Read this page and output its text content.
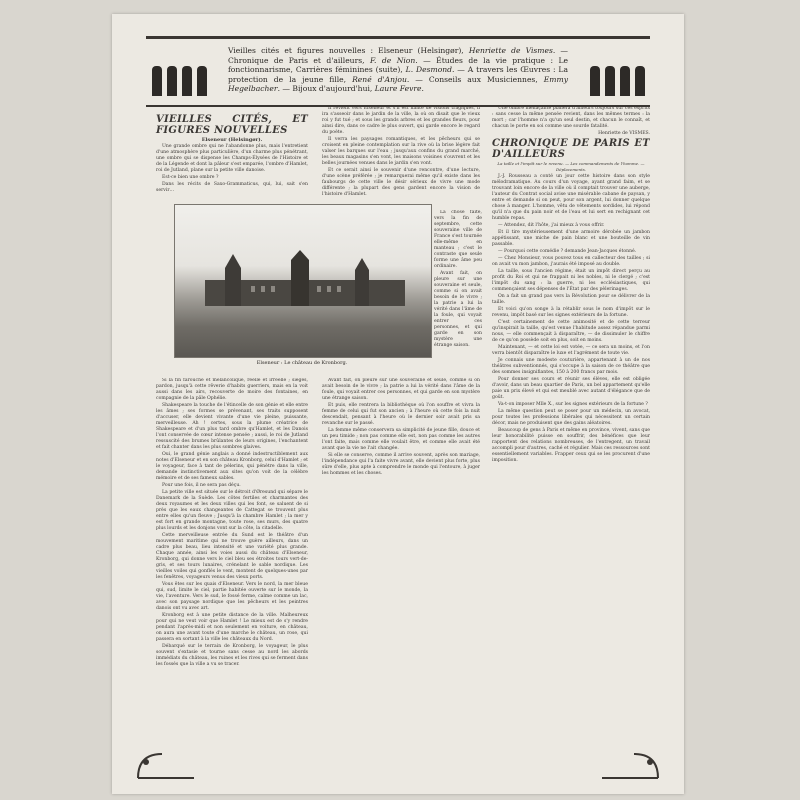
Vieilles cités et figures nouvelles : Elseneur (Helsingør), Henriette de Vismes. — Chronique de Paris et d'ailleurs, F. de Nion. — Études de la vie pratique : Le fonctionnarisme, Carrières féminines (suite), L. Desmond. — A travers les Œuvres : La protection de la jeune fille, René d'Anjou. — Conseils aux Musiciennes, Emmy Hegelbacher. — Bijoux d'aujourd'hui, Laure Fevre.

VIEILLES CITÉS, ET FIGURES NOUVELLES

Elseneur (Helsingør).

Une grande ombre qui ne l'abandonne plus, mais l'entretient d'une atmosphère plus particulière, d'un charme plus pénétrant, une ombre qui se dispense les Champs-Élysées de l'Histoire et de la Légende et dont la pâleur s'est emparée, l'ombre d'Hamlet, roi de Jutland, plane sur la petite ville danoise.

Est-ce bien une ombre ?

Dans les récits de Saxo-Grammaticus, qui, lui, sait s'en servir…

Il revient vers Elseneur et s'il est hanté de visions tragiques, il ira s'asseoir dans le jardin de la ville, la où on disait que le vieux roi y fut tué ; et sous les grands arbres et les grandes fleurs, pour ainsi dire, dans ce cadre le plus ouvert, qui garde encore le regard du poète.

Il verra les paysages romantiques, et les pêcheurs qui se croisent en pleine contemplation sur la rive où la brise légère fait valser les barques sur l'eau ; jusqu'aux confins du grand marché, les beaux magasins s'en vont, les maisons voisines s'ouvrent et les belles journées venues dans le jardin s'en vont.

Et ce serait ainsi le souvenir d'une rencontre, d'une lecture, d'une scène préférée ; je remarquerai même qu'il existe dans les faubourgs de cette ville le désir sérieux de vivre une mode différente ; la plupart des gens gardent encore la vision de l'histoire d'Hamlet.

Elseneur : Le château de Kronborg.

La chose faite, vers la fin de septembre, cette souveraine ville de France s'est tournée elle-même en manteau ; c'est le contraste que seule forme une âme peu ordinaire.

Avant fait, on pleure sur une souveraine et seule, comme si on avait besoin de le vivre ; la patrie a lui la vérité dans l'âme de la foule, qui voyait entrer ces personnes, et qui garde en son mystère une étrange saison.

Si la fin farouche et mélancolique, réelle et irréelle ; sièges, pardon, jusqu'à cette rêverie d'habits guerriers, mais en la voit aussi dans les airs, recouverte de moire des fontaines, en compagnie de la pâle Ophélie.

Shakespeare la touche de l'étincelle de son génie et elle entre les âmes ; ses formes se prévenant, ses traits supposent d'accuser, elle devient vivante d'une vie pleine, puissante, merveilleuse. Ah ! certes, sous la plume créatrice de Shakespeare et d'un plus tard ombre qu'Hamlet, et les Danois l'ont conservée de cœur intense pensée ; aussi, le roi de Jutland ressuscité des brumes brûlantes de leurs origines, l'enchantent et fait chanter dans les plus sombres glaives.

Oui, le grand génie anglais a donné indestructiblement aux notes d'Elseneur et en son château Kronborg, celui d'Hamlet ; et le voyageur, face à tant de pèlerins, qui pénètre dans la ville, demande instinctivement aux sites qu'on voit de la célèbre mémoire et de ses fameux sables.

Pour une fois, il ne sera pas déçu.

La petite ville est située sur le détroit d'Øresund qui sépare le Danemark de la Suède. Les côtes fertiles et charmantes des deux royaumes et les deux villes qui les font, se saluent de si près que les eaux changeantes de Cattegat se trouvent plus entre elles qu'un fleuve ; Jusqu'à la chambre Hamlet ; la mer y est fort en grande montagne, toute rose, ses murs, des quatre plus lourds et les donjons vont sur la côte, la citadelle.

Cette merveilleuse entrée du Sund est le théâtre d'un mouvement maritime qui ne trouve guère ailleurs, dans un cadre plus beau, lieu intensité et une variété plus grande. Chaque année, ainsi les voies aussi du château d'Elseneur, Kronborg, qui donne vers le ciel bleu ses étroites tours vert-de-gris, et ses tours lunaires, crénelant le sable nordique. Les vieilles voiles qui gonflés le vent, montent de quelques-unes par les fenêtres, voyageurs venus des vieux ports.

Vous êtes sur les quais d'Elseneur. Vers le nord, la mer bleue qui, sud, limite le ciel, partie habitée ouverte sur le monde, la vie, l'aventure. Vers le sud, le fossé ferme, calme comme un lac, avec son paysage nordique que les pêcheurs et les peintres danois ont vu avec art.

Kronborg est à une petite distance de la ville. Malheureux pour qui ne veut voir que Hamlet ! Le mieux est de s'y rendre pendant l'après-midi et non seulement en voiture, en château, on aura une avant toute d'une marche le château, un rose, qui passera en sortant à la ville les châteaux du Nord.

Débarqué sur le terrain de Kronborg, le voyageur, le plus souvent s'extasie et tourne sans cesse au nord les abords immédiats du château, les ruines et les rives qui se ferment dans les fossés que la ville a vu se tracer.

Avant fait, on pleure sur une souveraine et seule, comme si on avait besoin de le vivre ; la patrie a lui la vérité dans l'âme de la foule, qui voyait entrer ces personnes, et qui garde en son mystère une étrange saison.

Et puis, elle rentrera la bibliothèque où l'on souffre et vivra la femme de celui qui fut son ancien ; à l'heure où cette fois la nuit descendait, pensant à l'heure où le dernier soir avait pris sa revanche sur le passé.

La femme même conservera sa simplicité de jeune fille, douce et un peu timide ; non pas comme elle est, non pas comme les autres l'ont faite, mais comme elle voulait être, et comme elle avait été avant que la vie ne l'ait changée.

Si elle se conserve, comme il arrive souvent, après son mariage, l'indépendance qui l'a faite vivre avant, elle devient plus forte, plus sûre d'elle, plus apte à comprendre le monde qui l'entoure, à juger les hommes et les choses.

Une ombre menaçante planera d'ailleurs toujours sur ces esprits : sans cesse la même pensée revient, dans les mêmes termes : la mort ; car l'homme n'a qu'un seul destin, et chacun le connaît, et chacun le porte en soi comme une sourde fatalité.

Henriette de VISMES.

CHRONIQUE DE PARIS ET D'AILLEURS

La taille et l'impôt sur le revenu. — Les commandements de l'homme. — Déplacements.

J.-J. Rousseau a conté un jour cette histoire dans son style mélodramatique. Au cours d'un voyage, ayant grand faim, et se trouvant loin encore de la ville où il comptait trouver une auberge, l'auteur du Contrat social avise une misérable cabane de paysan, y entre et demande si on peut, pour son argent, lui donner quelque chose à manger. L'homme, vêtu de vêtements sordides, lui répond qu'il n'a que du pain noir et de l'eau et lui sert en rechignant cet humble repas.

— Attendez, dit l'hôte, j'ai mieux à vous offrir.

Et il tire mystérieusement d'une armoire dérobée un jambon appétissant, une miche de pain blanc et une bouteille de vin passable.

— Pourquoi cette comédie ? demande Jean-Jacques étonné.

— Chez Monsieur, vous pouvez tous en callecteur des tailles ; si on avait vu mon jambon, j'aurais été imposé au double.

La taille, sous l'ancien régime, était un impôt direct perçu au profit du Roi et qui ne frappait ni les nobles, ni le clergé ; c'est l'impôt du sang : la guerre, ni les ecclésiastiques, qui commençaient ses dépenses de l'État par des pèlerinages.

On a fait un grand pas vers la Révolution pour se délivrer de la taille.

Et voici qu'on songe à la rétablir sous le nom d'impôt sur le revenu, impôt basé sur les signes extérieurs de la fortune.

C'est certainement de cette animosité et de cette terreur qu'inspirait la taille, qu'est venue l'habitude assez répandue parmi nous, — elle commençait à disparaître, — de dissimuler le chiffre de ce qu'on possède soit en plus, soit en moins.

Maintenant, — et cette loi est votée, — ce sera un moins, et l'on verra bientôt disparaître le luxe et l'agrément de toute vie.

Je connais une modeste couturière, appartenant à un de nos théâtres subventionnés, qui s'occupe à la saison de ce théâtre que des sommes insignifiantes, 150 à 200 francs par mois.

Pour donner ses cours et réunir ses élèves, elle est obligée d'avoir, dans un beau quartier de Paris, un bel appartement qu'elle paie un prix élevé et qui est meublé avec autant d'élégance que de goût.

Va-t-on imposer Mlle X., sur les signes extérieurs de la fortune ?

La même question peut se poser pour un médecin, un avocat, pour toutes les professions libérales qui nécessitent un certain décor, mais ne produisent que des gains aléatoires.

Beaucoup de gens à Paris et même en province, vivent, sans que leur honorabilité puisse en souffrir, des bénéfices que leur rapportent des relations nombreuses, de l'entregent, un travail accompli pour d'autres, caché et régulier. Mais ces ressources sont essentiellement variables. Frapper ceux qui se les procurent d'une imposition.
